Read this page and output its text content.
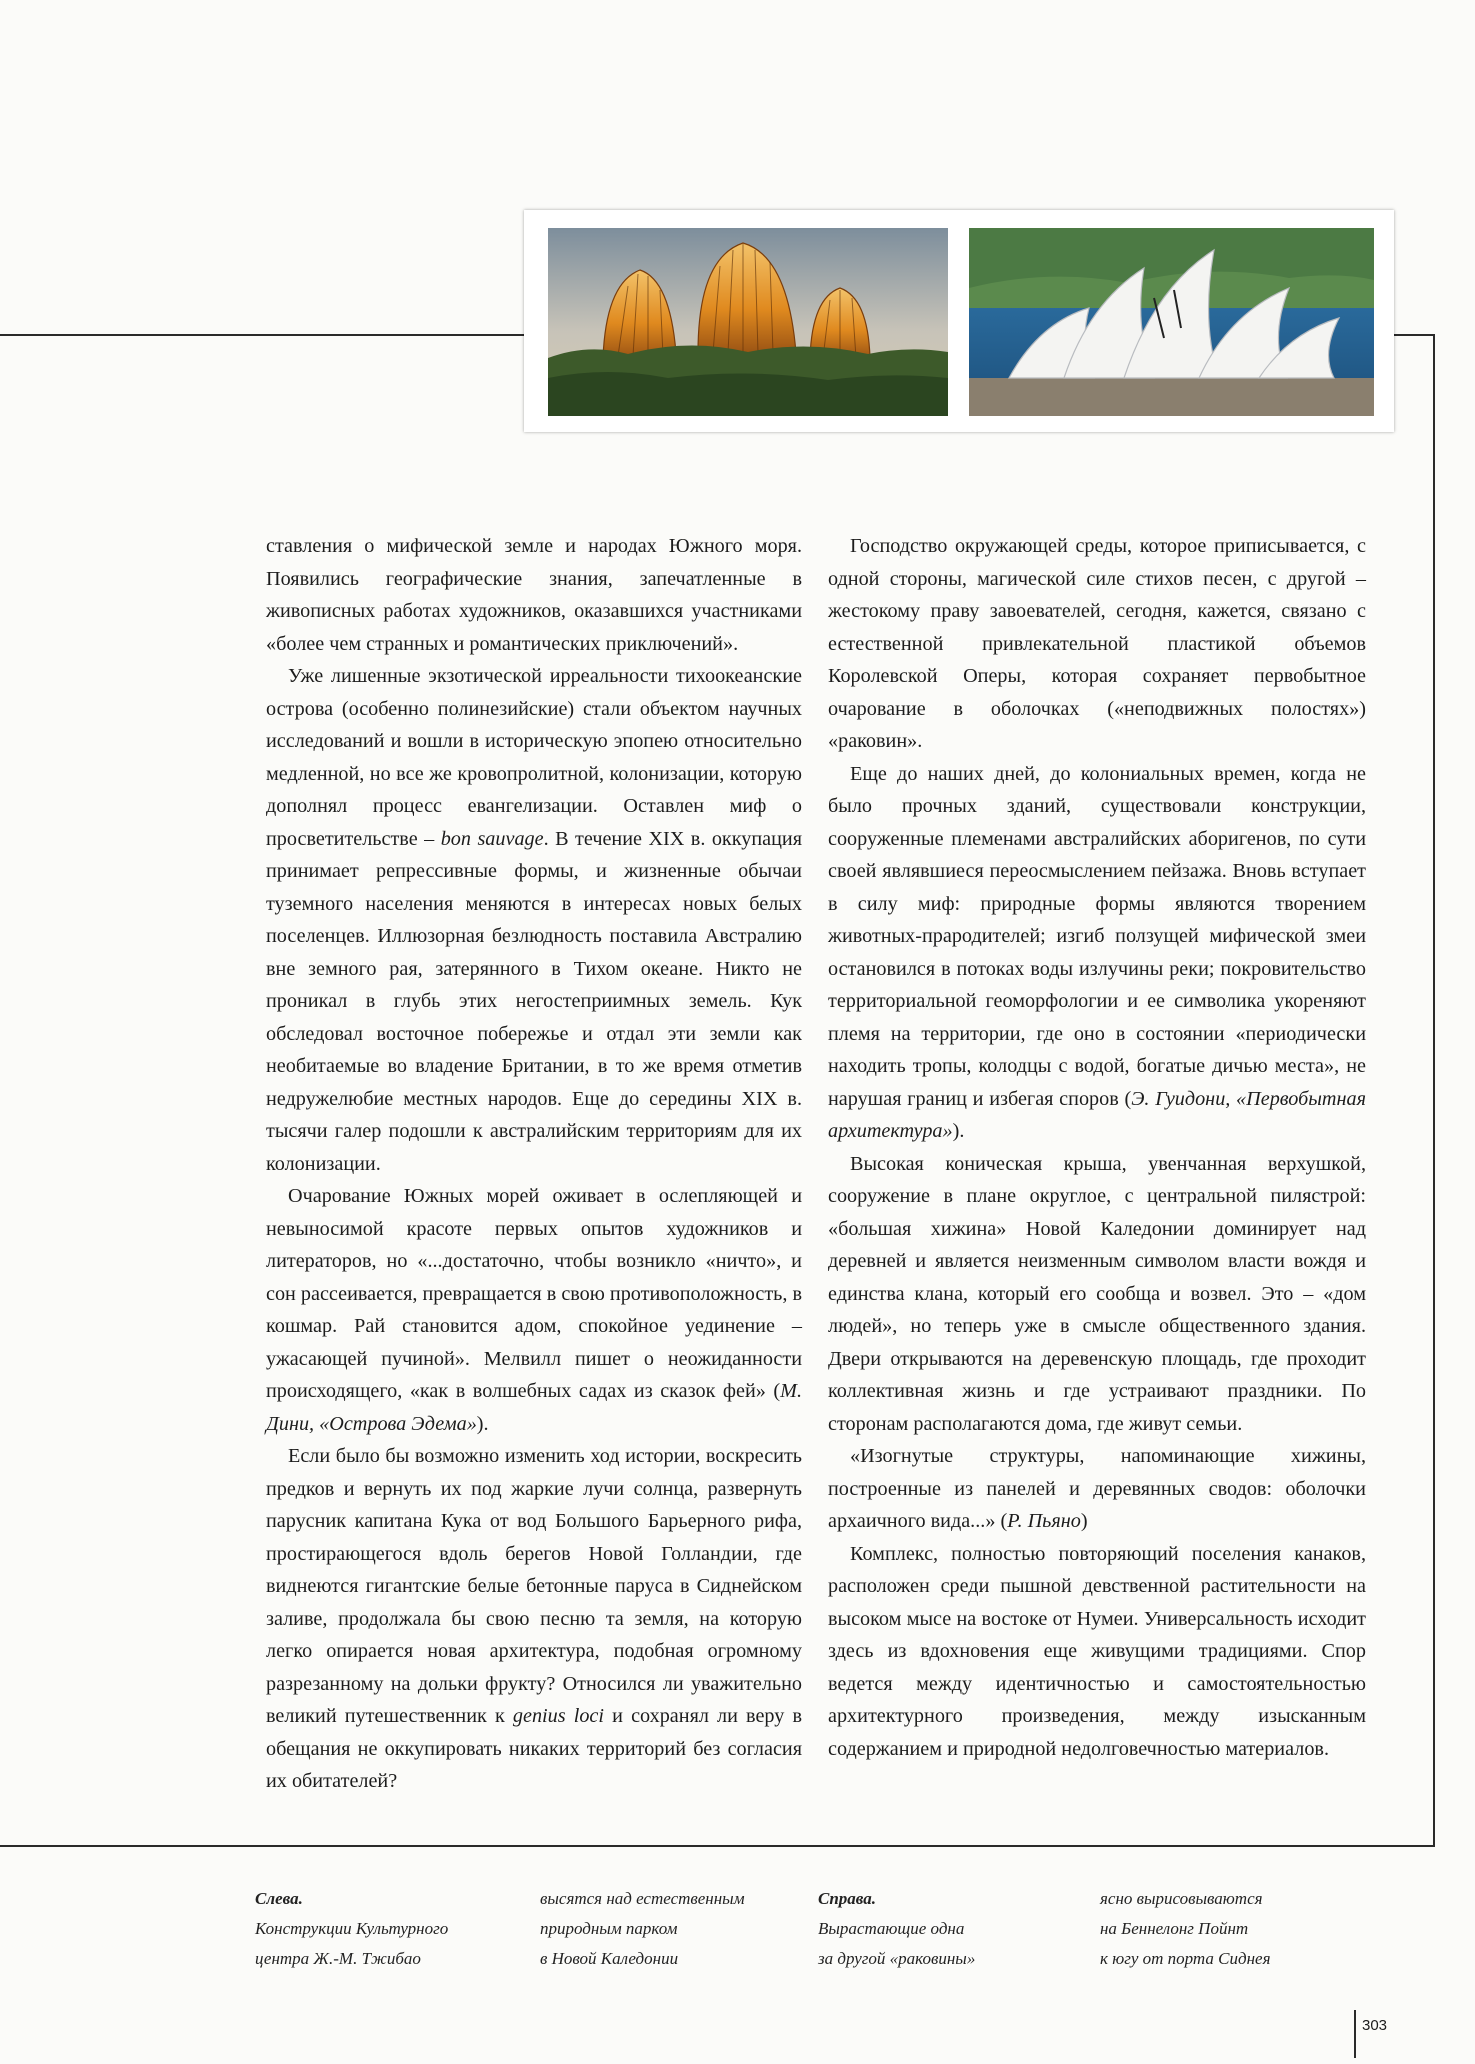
ставления о мифической земле и народах Южного моря. Появились географические знания, запечатленные в живописных работах художников, оказавшихся участниками «более чем странных и романтических приключений».

Уже лишенные экзотической ирреальности тихоокеанские острова (особенно полинезийские) стали объектом научных исследований и вошли в историческую эпопею относительно медленной, но все же кровопролитной, колонизации, которую дополнял процесс евангелизации. Оставлен миф о просветительстве – bon sauvage. В течение XIX в. оккупация принимает репрессивные формы, и жизненные обычаи туземного населения меняются в интересах новых белых поселенцев. Иллюзорная безлюдность поставила Австралию вне земного рая, затерянного в Тихом океане. Никто не проникал в глубь этих негостеприимных земель. Кук обследовал восточное побережье и отдал эти земли как необитаемые во владение Британии, в то же время отметив недружелюбие местных народов. Еще до середины XIX в. тысячи галер подошли к австралийским территориям для их колонизации.

Очарование Южных морей оживает в ослепляющей и невыносимой красоте первых опытов художников и литераторов, но «...достаточно, чтобы возникло «ничто», и сон рассеивается, превращается в свою противоположность, в кошмар. Рай становится адом, спокойное уединение – ужасающей пучиной». Мелвилл пишет о неожиданности происходящего, «как в волшебных садах из сказок фей» (М. Дини, «Острова Эдема»).

Если было бы возможно изменить ход истории, воскресить предков и вернуть их под жаркие лучи солнца, развернуть парусник капитана Кука от вод Большого Барьерного рифа, простирающегося вдоль берегов Новой Голландии, где виднеются гигантские белые бетонные паруса в Сиднейском заливе, продолжала бы свою песню та земля, на которую легко опирается новая архитектура, подобная огромному разрезанному на дольки фрукту? Относился ли уважительно великий путешественник к genius loci и сохранял ли веру в обещания не оккупировать никаких территорий без согласия их обитателей?

Господство окружающей среды, которое приписывается, с одной стороны, магической силе стихов песен, с другой – жестокому праву завоевателей, сегодня, кажется, связано с естественной привлекательной пластикой объемов Королевской Оперы, которая сохраняет первобытное очарование в оболочках («неподвижных полостях») «раковин».

Еще до наших дней, до колониальных времен, когда не было прочных зданий, существовали конструкции, сооруженные племенами австралийских аборигенов, по сути своей являвшиеся переосмыслением пейзажа. Вновь вступает в силу миф: природные формы являются творением животных-прародителей; изгиб ползущей мифической змеи остановился в потоках воды излучины реки; покровительство территориальной геоморфологии и ее символика укореняют племя на территории, где оно в состоянии «периодически находить тропы, колодцы с водой, богатые дичью места», не нарушая границ и избегая споров (Э. Гуидони, «Первобытная архитектура»).

Высокая коническая крыша, увенчанная верхушкой, сооружение в плане округлое, с центральной пилястрой: «большая хижина» Новой Каледонии доминирует над деревней и является неизменным символом власти вождя и единства клана, который его сообща и возвел. Это – «дом людей», но теперь уже в смысле общественного здания. Двери открываются на деревенскую площадь, где проходит коллективная жизнь и где устраивают праздники. По сторонам располагаются дома, где живут семьи.

«Изогнутые структуры, напоминающие хижины, построенные из панелей и деревянных сводов: оболочки архаичного вида...» (Р. Пьяно)

Комплекс, полностью повторяющий поселения канаков, расположен среди пышной девственной растительности на высоком мысе на востоке от Нумеи. Универсальность исходит здесь из вдохновения еще живущими традициями. Спор ведется между идентичностью и самостоятельностью архитектурного произведения, между изысканным содержанием и природной недолговечностью материалов.

Слева.
Конструкции Культурного
центра Ж.-М. Тжибао
высятся над естественным
природным парком
в Новой Каледонии
Справа.
Вырастающие одна
за другой «раковины»
ясно вырисовываются
на Беннелонг Пойнт
к югу от порта Сиднея
303
